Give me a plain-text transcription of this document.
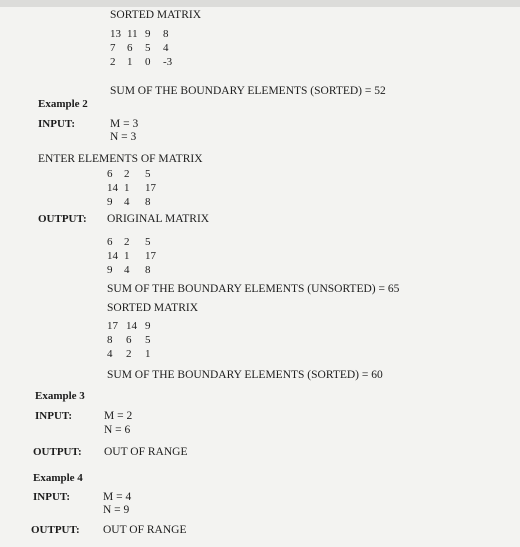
SORTED MATRIX
13 11 9 8
7 6 5 4
2 1 0 -3
SUM OF THE BOUNDARY ELEMENTS (SORTED) = 52
Example 2
INPUT:	M = 3
N = 3
ENTER ELEMENTS OF MATRIX
6 2 5
14 1 17
9 4 8
OUTPUT: ORIGINAL MATRIX
6 2 5
14 1 17
9 4 8
SUM OF THE BOUNDARY ELEMENTS (UNSORTED) = 65
SORTED MATRIX
17 14 9
8 6 5
4 2 1
SUM OF THE BOUNDARY ELEMENTS (SORTED) = 60
Example 3
INPUT:	M = 2
N = 6
OUTPUT: OUT OF RANGE
Example 4
INPUT:	M = 4
N = 9
OUTPUT: OUT OF RANGE
